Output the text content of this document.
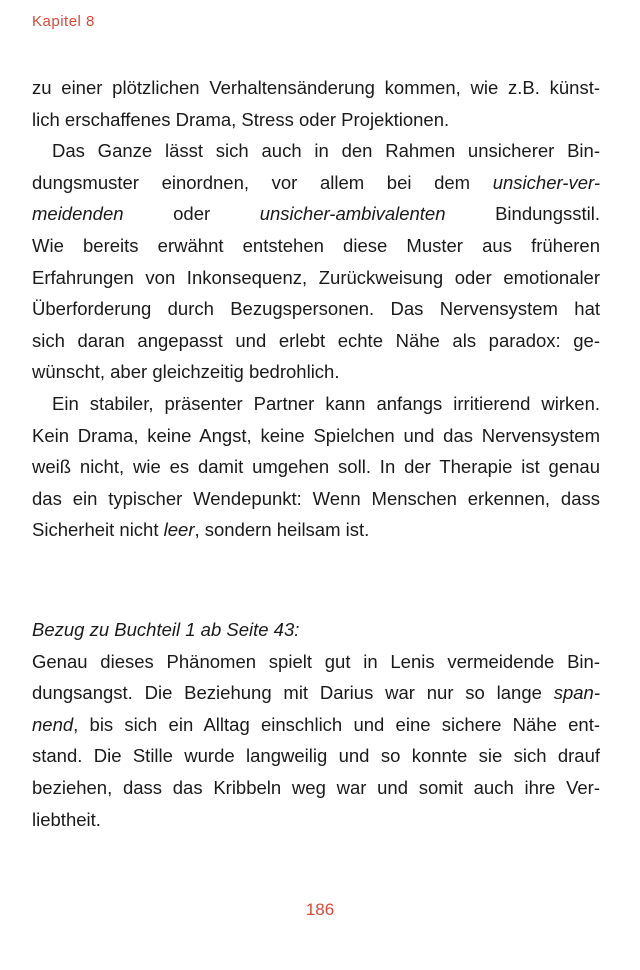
Kapitel 8
zu einer plötzlichen Verhaltensänderung kommen, wie z.B. künst-
lich erschaffenes Drama, Stress oder Projektionen.
Das Ganze lässt sich auch in den Rahmen unsicherer Bin-
dungsmuster einordnen, vor allem bei dem unsicher-ver-
meidenden oder unsicher-ambivalenten Bindungsstil.
Wie bereits erwähnt entstehen diese Muster aus früheren
Erfahrungen von Inkonsequenz, Zurückweisung oder emotionaler
Überforderung durch Bezugspersonen. Das Nervensystem hat
sich daran angepasst und erlebt echte Nähe als paradox: ge-
wünscht, aber gleichzeitig bedrohlich.
Ein stabiler, präsenter Partner kann anfangs irritierend wirken.
Kein Drama, keine Angst, keine Spielchen und das Nervensystem
weiß nicht, wie es damit umgehen soll. In der Therapie ist genau
das ein typischer Wendepunkt: Wenn Menschen erkennen, dass
Sicherheit nicht leer, sondern heilsam ist.
Bezug zu Buchteil 1 ab Seite 43:
Genau dieses Phänomen spielt gut in Lenis vermeidende Bin-
dungsangst. Die Beziehung mit Darius war nur so lange span-
nend, bis sich ein Alltag einschlich und eine sichere Nähe ent-
stand. Die Stille wurde langweilig und so konnte sie sich drauf
beziehen, dass das Kribbeln weg war und somit auch ihre Ver-
liebtheit.
186
